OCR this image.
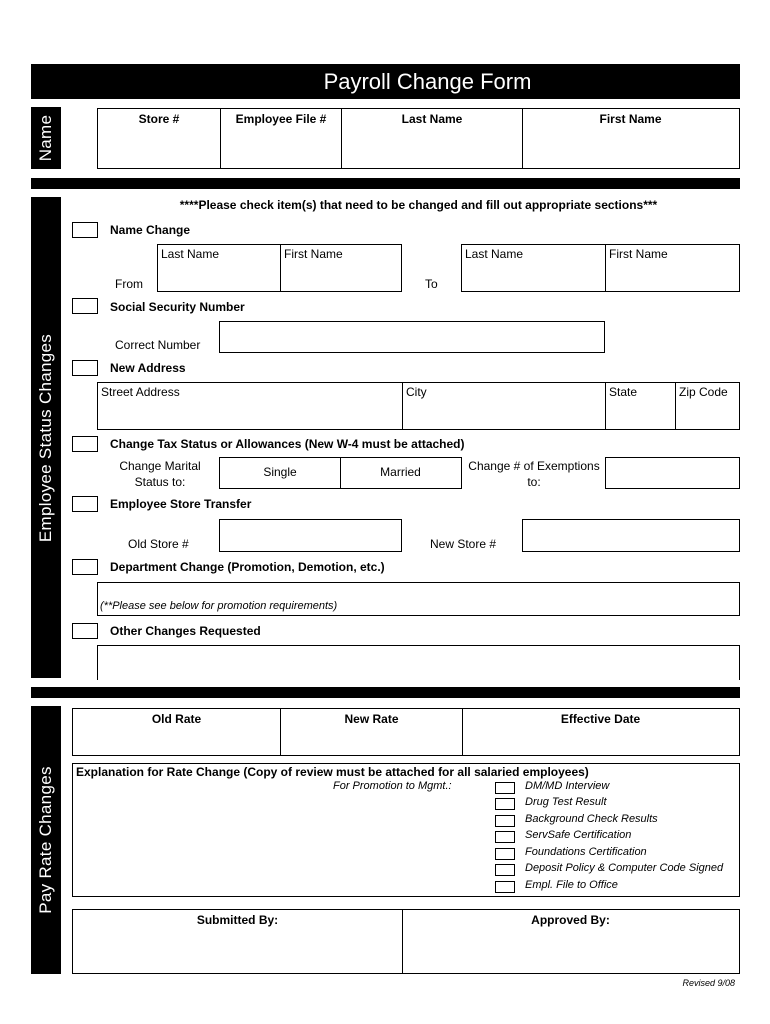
Payroll Change Form
Name	Store #	Employee File #	Last Name	First Name
Employee Status Changes
****Please check item(s) that need to be changed and fill out appropriate sections***
Name Change
Last Name	First Name
From
Last Name	First Name
To
Social Security Number
Correct Number
New Address
Street Address	City	State	Zip Code
Change Tax Status or Allowances (New W-4 must be attached)
Change Marital
Status to:
Single	Married	Change # of Exemptions
to:
Employee Store Transfer
Old Store #	New Store #
Department Change (Promotion, Demotion, etc.)
(**Please see below for promotion requirements)
Other Changes Requested
Pay Rate Changes
Old Rate	New Rate	Effective Date
Explanation for Rate Change (Copy of review must be attached for all salaried employees)
For Promotion to Mgmt.:	DM/MD Interview
Drug Test Result
Background Check Results
ServSafe Certification
Foundations Certification
Deposit Policy & Computer Code Signed
Empl. File to Office
Submitted By:	Approved By:
Revised 9/08
